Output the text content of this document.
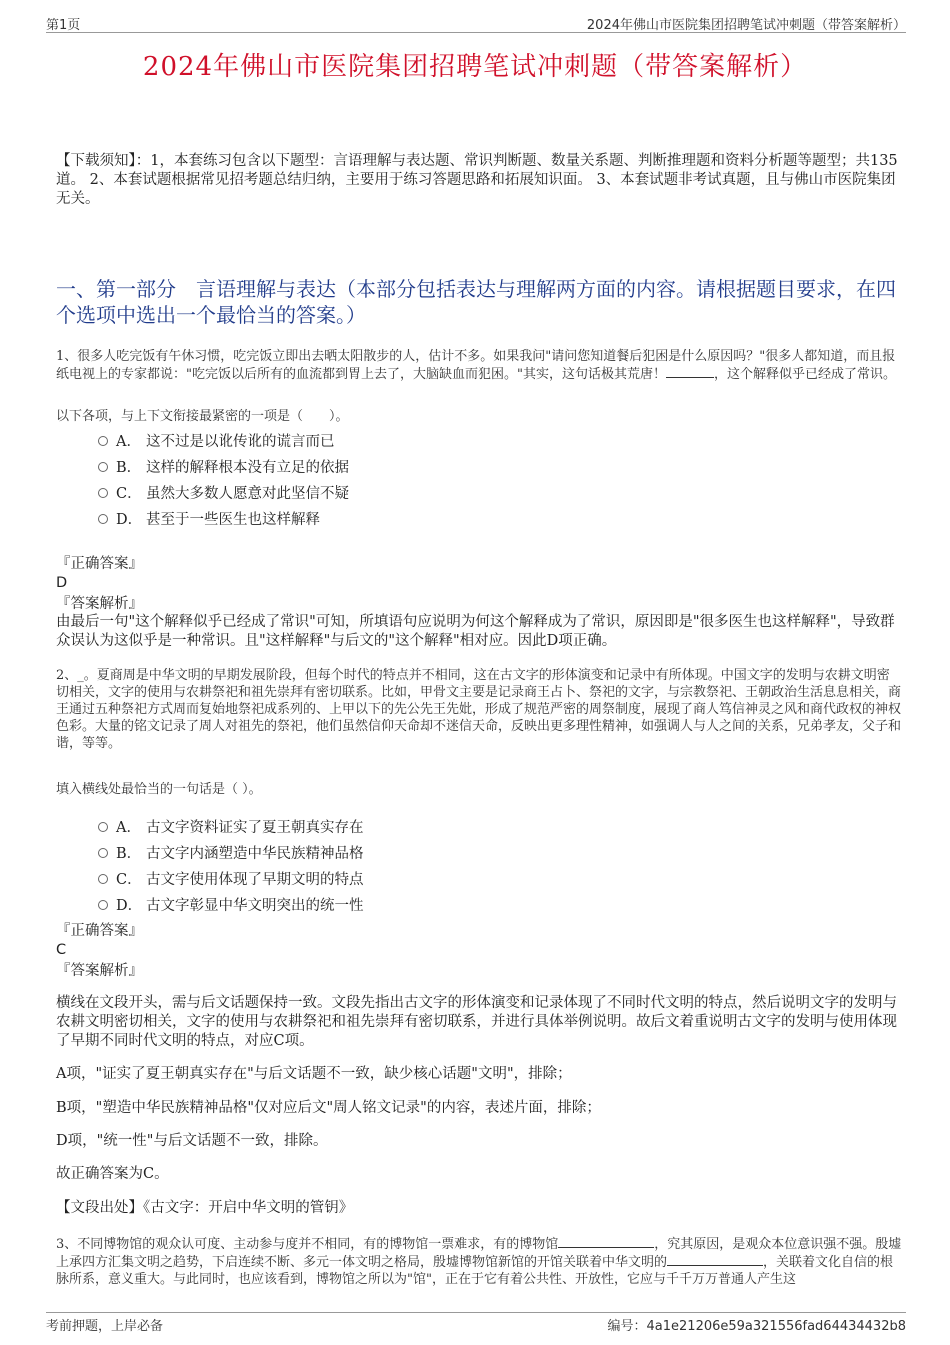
第1页	2024年佛山市医院集团招聘笔试冲刺题（带答案解析）
2024年佛山市医院集团招聘笔试冲刺题（带答案解析）
【下载须知】：1，本套练习包含以下题型：言语理解与表达题、常识判断题、数量关系题、判断推理题和资料分析题等题型；共135道。 2、本套试题根据常见招考题总结归纳，主要用于练习答题思路和拓展知识面。 3、本套试题非考试真题，且与佛山市医院集团无关。
一、第一部分　言语理解与表达（本部分包括表达与理解两方面的内容。请根据题目要求，在四个选项中选出一个最恰当的答案。）
1、很多人吃完饭有午休习惯，吃完饭立即出去晒太阳散步的人，估计不多。如果我问"请问您知道餐后犯困是什么原因吗？"很多人都知道，而且报纸电视上的专家都说："吃完饭以后所有的血流都到胃上去了，大脑缺血而犯困。"其实，这句话极其荒唐！	，这个解释似乎已经成了常识。
以下各项，与上下文衔接最紧密的一项是（　　）。
A． 这不过是以讹传讹的谎言而已
B． 这样的解释根本没有立足的依据
C． 虽然大多数人愿意对此坚信不疑
D． 甚至于一些医生也这样解释
『正确答案』
D
『答案解析』
由最后一句"这个解释似乎已经成了常识"可知，所填语句应说明为何这个解释成为了常识，原因即是"很多医生也这样解释"，导致群众误认为这似乎是一种常识。且"这样解释"与后文的"这个解释"相对应。因此D项正确。
2、_。夏商周是中华文明的早期发展阶段，但每个时代的特点并不相同，这在古文字的形体演变和记录中有所体现。中国文字的发明与农耕文明密切相关，文字的使用与农耕祭祀和祖先崇拜有密切联系。比如，甲骨文主要是记录商王占卜、祭祀的文字，与宗教祭祀、王朝政治生活息息相关，商王通过五种祭祀方式周而复始地祭祀成系列的、上甲以下的先公先王先妣，形成了规范严密的周祭制度，展现了商人笃信神灵之风和商代政权的神权色彩。大量的铭文记录了周人对祖先的祭祀，他们虽然信仰天命却不迷信天命，反映出更多理性精神，如强调人与人之间的关系，兄弟孝友，父子和谐，等等。
填入横线处最恰当的一句话是（ ）。
A． 古文字资料证实了夏王朝真实存在
B． 古文字内涵塑造中华民族精神品格
C． 古文字使用体现了早期文明的特点
D． 古文字彰显中华文明突出的统一性
『正确答案』
C
『答案解析』
横线在文段开头，需与后文话题保持一致。文段先指出古文字的形体演变和记录体现了不同时代文明的特点，然后说明文字的发明与农耕文明密切相关，文字的使用与农耕祭祀和祖先崇拜有密切联系，并进行具体举例说明。故后文着重说明古文字的发明与使用体现了早期不同时代文明的特点，对应C项。
A项，"证实了夏王朝真实存在"与后文话题不一致，缺少核心话题"文明"，排除；
B项，"塑造中华民族精神品格"仅对应后文"周人铭文记录"的内容，表述片面，排除；
D项，"统一性"与后文话题不一致，排除。
故正确答案为C。
【文段出处】《古文字：开启中华文明的管钥》
3、不同博物馆的观众认可度、主动参与度并不相同，有的博物馆一票难求，有的博物馆	，究其原因，是观众本位意识强不强。殷墟上承四方汇集文明之趋势，下启连续不断、多元一体文明之格局，殷墟博物馆新馆的开馆关联着中华文明的	，关联着文化自信的根脉所系，意义重大。与此同时，也应该看到，博物馆之所以为"馆"，正在于它有着公共性、开放性，它应与千千万万普通人产生这
考前押题，上岸必备	编号：4a1e21206e59a321556fad64434432b8
